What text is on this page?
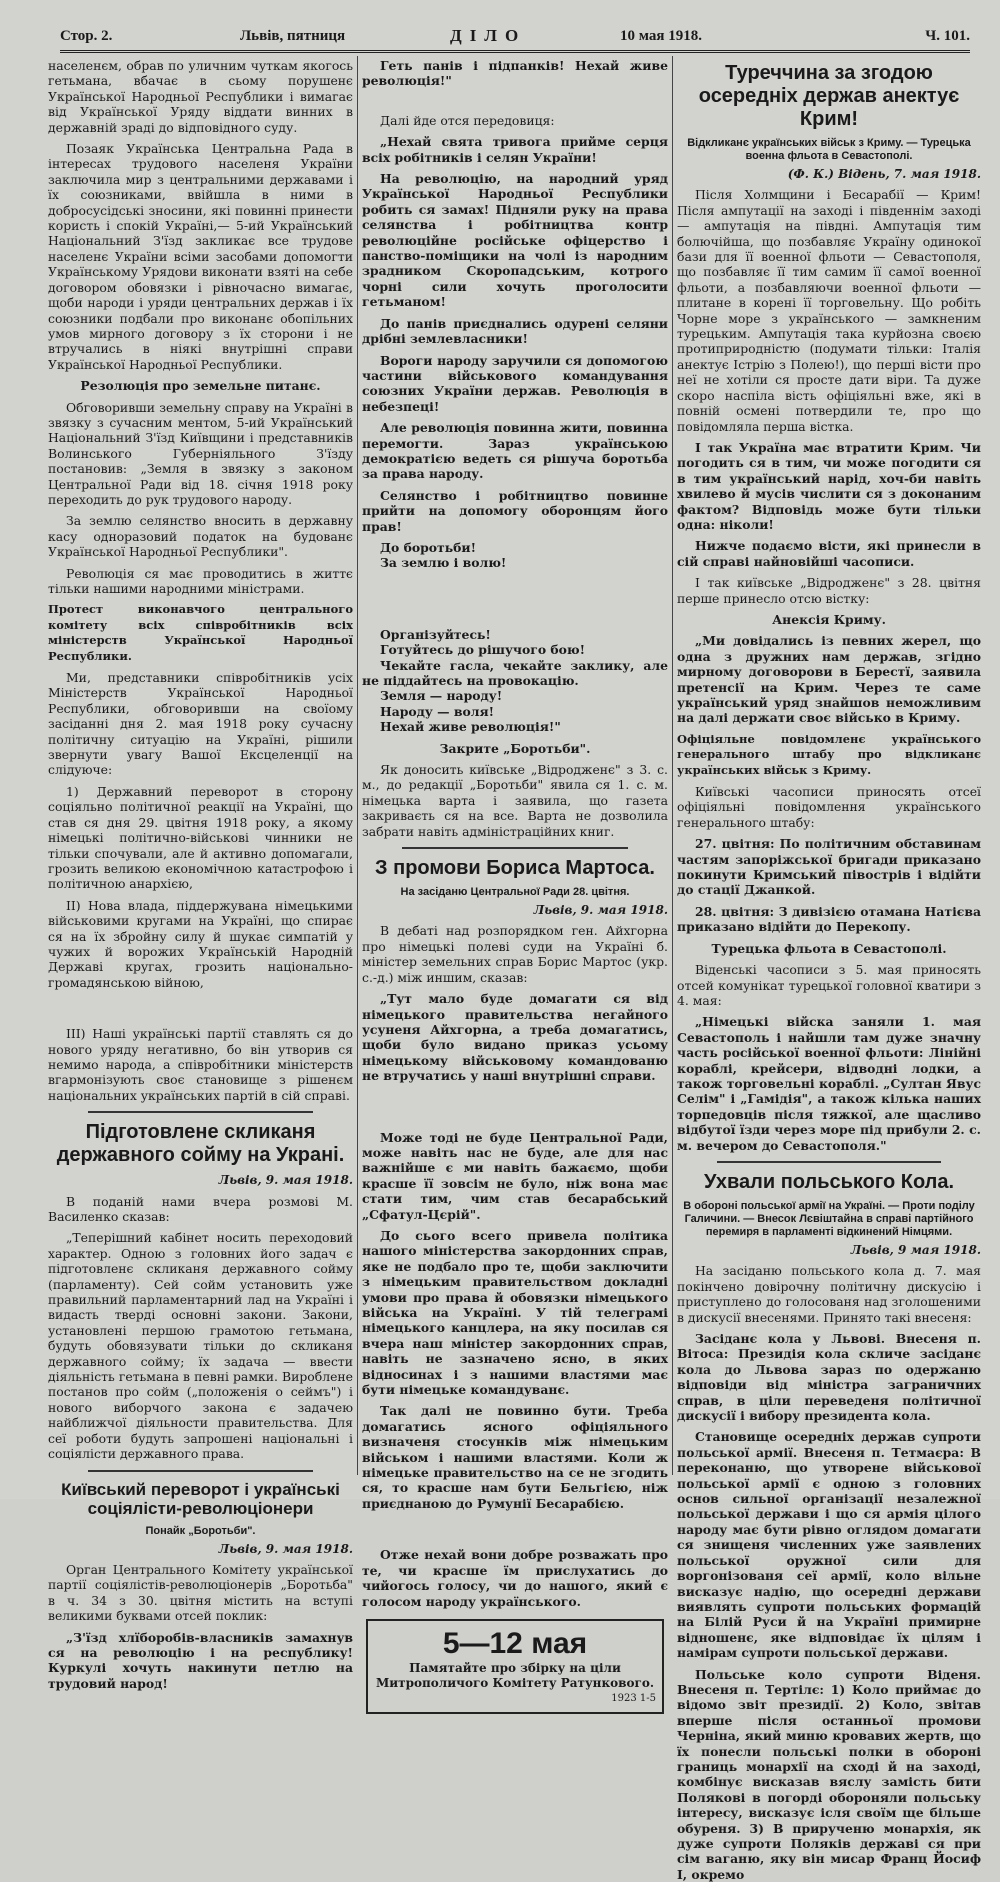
Стор. 2.	Львів, пятниця	ДІЛО	10 мая 1918.	Ч. 101.

населенєм, обрав по уличним чуткам якогось гетьмана, вбачає в сьому порушенє Української Народньої Республики і вимагає від Української Уряду віддати винних в державній зраді до відповідного суду.

Позаяк Українська Центральна Рада в інтересах трудового населеня України заключила мир з центральними державами і їх союзниками, ввійшла в ними в добросусідські зносини, які повинні принести користь і спокій Україні,— 5-ий Український Національний З'їзд закликає все трудове населенє України всіми засобами допомогти Українському Урядови виконати взяті на себе договором обовязки і рівночасно вимагає, щоби народи і уряди центральних держав і їх союзники подбали про виконанє обопільних умов мирного договору з їх сторони і не втручались в ніякі внутрішні справи Української Народньої Республики.

Резолюція про земельне питанє.

Обговоривши земельну справу на Україні в звязку з сучасним ментом, 5-ий Український Національний З'їзд Київщини і представників Волинського Губерніяльного З'їзду постановив: „Земля в звязку з законом Центральної Ради від 18. січня 1918 року переходить до рук трудового народу.

За землю селянство вносить в державну касу одноразовий податок на будованє Української Народньої Республики".

Революція ся має проводитись в життє тільки нашими народними міністрами.

Протест виконавчого центрального комітету всіх співробітників всіх міністерств Української Народньої Республики.

Ми, представники співробітників усіх Міністерств Української Народньої Республики, обговоривши на своїому засіданні дня 2. мая 1918 року сучасну політичну ситуацію на Україні, рішили звернути увагу Вашої Ексцеленції на слідуюче:

1) Державний переворот в сторону соціяльно політичної реакції на Україні, що став ся дня 29. цвітня 1918 року, а якому німецькі політично-військові чинники не тільки спочували, але й активно допомагали, грозить великою економічною катастрофою і політичною анархією,

II) Нова влада, піддержувана німецькими військовими кругами на Україні, що спирає ся на їх збройну силу й шукає симпатій у чужих й ворожих Українській Народній Державі кругах, грозить національно-громадянською війною,

III) Наші українські партії ставлять ся до нового уряду негативно, бо він утворив ся немимо народа, а співробітники міністерств вгармонізують своє становище з рішенєм національних українських партій в сій справі.

Підготовлене скликаня державного сойму на Украні.
Львів, 9. мая 1918.

В поданій нами вчера розмові М. Василенко сказав:

„Теперішний кабінет носить переходовий характер. Одною з головних його задач є підготовленє скликаня державного сойму (парламенту). Сей сойм установить уже правильний парламентарний лад на Україні і видасть тверді основні закони. Закони, установлені першою грамотою гетьмана, будуть обовязувати тільки до скликаня державного сойму; їх задача — ввести діяльність гетьмана в певні рамки. Вироблене постанов про сойм („положенія о сеймъ") і нового виборчого закона є задачею найближчої діяльности правительства. Для сеї роботи будуть запрошені національні і соціялісти державного права.

Київський переворот і українські соціялісти-революціонери
Понайк „Боротьби".
Львів, 9. мая 1918.

Орган Центрального Комітету української партії соціялістів-революціонерів „Боротьба" в ч. 34 з 30. цвітня містить на вступі великими буквами отсей поклик:

„З'їзд хлїборобів-власників замахнув ся на революцію і на республику! Куркулі хочуть накинути петлю на трудовий народ!

Геть панів і підпанків! Нехай живе революція!"

Далі йде отся передовиця:

„Нехай свята тривога прийме серця всіх робітників і селян України!

На революцію, на народний уряд Української Народньої Республики робить ся замах! Підняли руку на права селянства і робітництва контр революційне російське офіцерство і панство-поміщики на чолі із народним зрадником Скоропадським, котрого чорні сили хочуть проголосити гетьманом!

До панів приєднались одурені селяни дрібні землевласники!

Вороги народу заручили ся допомогою частини військового командування союзних України держав. Революція в небезпеці!

Але революція повинна жити, повинна перемогти. Зараз українською демократією ведеть ся рішуча боротьба за права народу.

Селянство і робітництво повинне прийти на допомогу оборонцям його прав!

До боротьби!

За землю і волю!

Організуйтесь!

Готуйтесь до рішучого бою!

Чекайте гасла, чекайте заклику, але не піддайтесь на провокацію.

Земля — народу!

Народу — воля!

Нехай живе революція!"

Закрите „Боротьби".

Як доносить київське „Відродженє" з 3. с. м., до редакції „Боротьби" явила ся 1. с. м. німецька варта і заявила, що газета закриваєть ся на все. Варта не дозволила забрати навіть адміністраційних книг.

З промови Бориса Мартоса.
На засіданю Центральної Ради 28. цвітня.
Львів, 9. мая 1918.

В дебаті над розпорядком ген. Айхгорна про німецькі полеві суди на Україні б. міністер земельних справ Борис Мартос (укр. с.-д.) між иншим, сказав:

„Тут мало буде домагати ся від німецького правительства негайного усуненя Айхгорна, а треба домагатись, щоби було видано приказ усьому німецькому військовому командованю не втручатись у наші внутрішні справи.

Може тоді не буде Центральної Ради, може навіть нас не буде, але для нас важнійше є ми навіть бажаємо, щоби красше її зовсім не було, ніж вона має стати тим, чим став бесарабський „Сфатул-Цєрій".

До сього всего привела політика нашого міністерства закордонних справ, яке не подбало про те, щоби заключити з німецьким правительством докладні умови про права й обовязки німецького війська на Україні. У тій телеграмі німецького канцлера, на яку посилав ся вчера наш міністер закордонних справ, навіть не зазначено ясно, в яких відносинах і з нашими властями має бути німецьке командуванє.

Так далі не повинно бути. Треба домагатись ясного офіціяльного визначеня стосунків між німецьким військом і нашими властями. Коли ж німецьке правительство на се не згодить ся, то красше нам бути Бельгією, ніж приєднаною до Румунії Бесарабією.

Отже нехай вони добре розважать про те, чи красше їм прислухатись до чийогось голосу, чи до нашого, який є голосом народу українського.

5—12 мая
Памятайте про збірку на ціли Митрополичого Комітету Ратункового.
1923 1-5
Туреччина за згодою осередніх держав анектує Крим!
Відкликанє українських військ з Криму. — Турецька военна фльота в Севастополі.
(Ф. К.) Відень, 7. мая 1918.

Після Холмщини і Бесарабії — Крим! Після ампутації на заході і південнім заході — ампутація на півдні. Ампутація тим болючійша, що позбавляє Україну одинокої бази для її военної фльоти — Севастополя, що позбавляє її тим самим її самої военної фльоти, а позбавляючи военної фльоти — плитане в корені її торговельну. Що робіть Чорне море з українського — замкненим турецьким. Ампутація така курйозна своєю протиприродністю (подумати тільки: Італія анектує Істрію з Полею!), що перші вісти про неї не хотіли ся просте дати віри. Та дуже скоро наспіла вість офіціяльні вже, які в повній осмені потвердили те, про що повідомляла перша вістка.

І так Україна має втратити Крим. Чи погодить ся в тим, чи може погодити ся в тим український нарід, хоч-би навіть хвилево й мусів числити ся з доконаним фактом? Відповідь може бути тільки одна: ніколи!

Нижче подаємо вісти, які принесли в сій справі найновійші часописи.

І так київське „Відродженє" з 28. цвітня перше принесло отсю вістку:

Анексія Криму.

„Ми довідались із певних жерел, що одна з дружних нам держав, згідно мирному договорови в Берестї, заявила претенсії на Крим. Через те саме український уряд знайшов неможливим на далі держати своє військо в Криму.

Офіціяльне повідомленє українського генерального штабу про відкликанє українських військ з Криму.

Київські часописи приносять отсеї офіціяльні повідомлення українського генерального штабу:

27. цвітня: По політичним обставинам частям запоріжської бригади приказано покинути Кримський півострів і відійти до стації Джанкой.

28. цвітня: З дивізією отамана Натієва приказано відійти до Перекопу.

Турецька фльота в Севастополі.

Віденські часописи з 5. мая приносять отсей комунікат турецької головної кватири з 4. мая:

„Німецькі війска заняли 1. мая Севастополь і найшли там дуже значну часть російської военної фльоти: Лінійні кораблі, крейсери, відводні лодки, а також торговельні кораблі. „Султан Явус Селім" і „Гамідія", а також кілька наших торпедовців після тяжкої, але щасливо відбутої їзди через море під прибули 2. с. м. вечером до Севастополя."

Ухвали польського Кола.
В обороні польської армії на Україні. — Проти поділу Галичини. — Внесок Лєвіштайна в справі партійного перемиря в парламенті відкинений Німцями.
Львів, 9 мая 1918.

На засіданю польського кола д. 7. мая покінчено довірочну політичну дискусію і приступлено до голосованя над зголошеними в дискусії внесенями. Принято такі внесеня:

Засіданє кола у Львові. Внесеня п. Вітоса: Президія кола скличе засіданє кола до Львова зараз по одержаню відповіди від міністра заграничних справ, в ціли переведеня політичної дискусії і вибору президента кола.

Становище осередніх держав супроти польської армії. Внесеня п. Тетмаєра: В переконаню, що утворене військової польської армії є одною з головних основ сильної організації незалежної польської держави і що ся армія цілого народу має бути рівно оглядом домагати ся знищеня численних уже заявлених польської оружної сили для воргонізованя сеї армії, коло вільне висказує надію, що осередні держави виявлять супроти польських формацій на Білій Руси й на Україні примирне відношенє, яке відповідає їх цілям і намірам супроти польської держави.

Польське коло супроти Віденя. Внесеня п. Тертілє: 1) Коло приймає до відомо звіт президії. 2) Коло, звітав вперше після останньої промови Черніна, який миню кровавих жертв, що їх понесли польські полки в обороні границь монархії на сході й на заході, комбінує висказав вяслу замість бити Полякові в погорді обороняли польську інтересу, висказує ісля своїм ще більше обуреня. 3) В прирученю монархія, як дуже супроти Поляків державі ся при сім ваганю, яку він мисар Франц Йосиф I, окремо
